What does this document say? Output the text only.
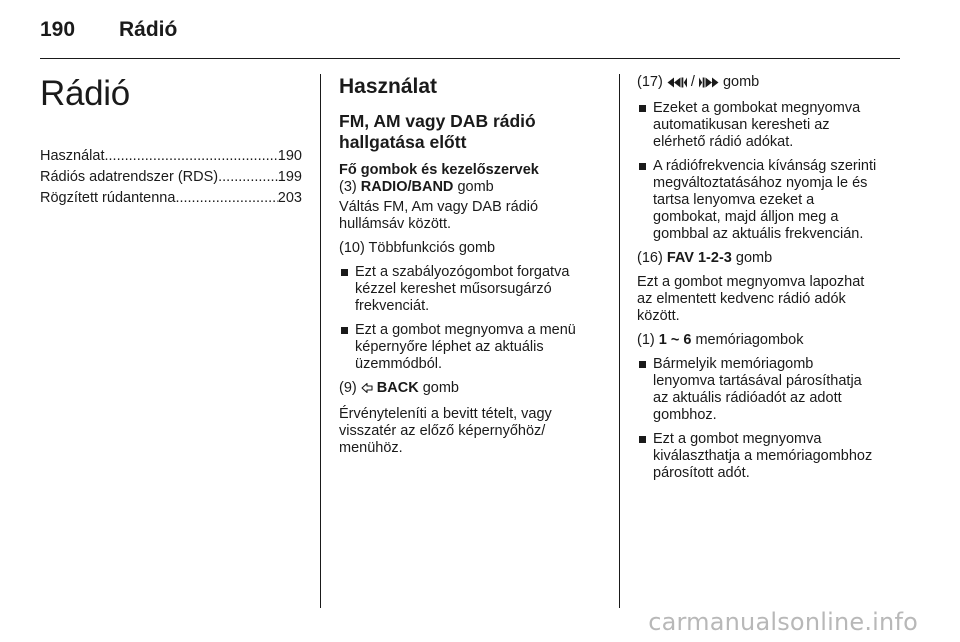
190 Rádió
Rádió
Használat .....	190
Rádiós adatrendszer (RDS) .....	199
Rögzített rúdantenna .....	203
Használat
FM, AM vagy DAB rádió
hallgatása előtt
Fő gombok és kezelőszervek
(3) RADIO/BAND gomb
Váltás FM, Am vagy DAB rádió
hullámsáv között.
(10) Többfunkciós gomb
Ezt a szabályozógombot forgatva
kézzel kereshet műsorsugárzó
frekvenciát.
Ezt a gombot megnyomva a menü
képernyőre léphet az aktuális
üzemmódból.
(9) BACK gomb
Érvényteleníti a bevitt tételt, vagy
visszatér az előző képernyőhöz/
menühöz.
(17) / gomb
Ezeket a gombokat megnyomva
automatikusan keresheti az
elérhető rádió adókat.
A rádiófrekvencia kívánság szerinti
megváltoztatásához nyomja le és
tartsa lenyomva ezeket a
gombokat, majd álljon meg a
gombbal az aktuális frekvencián.
(16) FAV 1-2-3 gomb
Ezt a gombot megnyomva lapozhat
az elmentett kedvenc rádió adók
között.
(1) 1 ~ 6 memóriagombok
Bármelyik memóriagomb
lenyomva tartásával párosíthatja
az aktuális rádióadót az adott
gombhoz.
Ezt a gombot megnyomva
kiválaszthatja a memóriagombhoz
párosított adót.
carmanualsonline.info
